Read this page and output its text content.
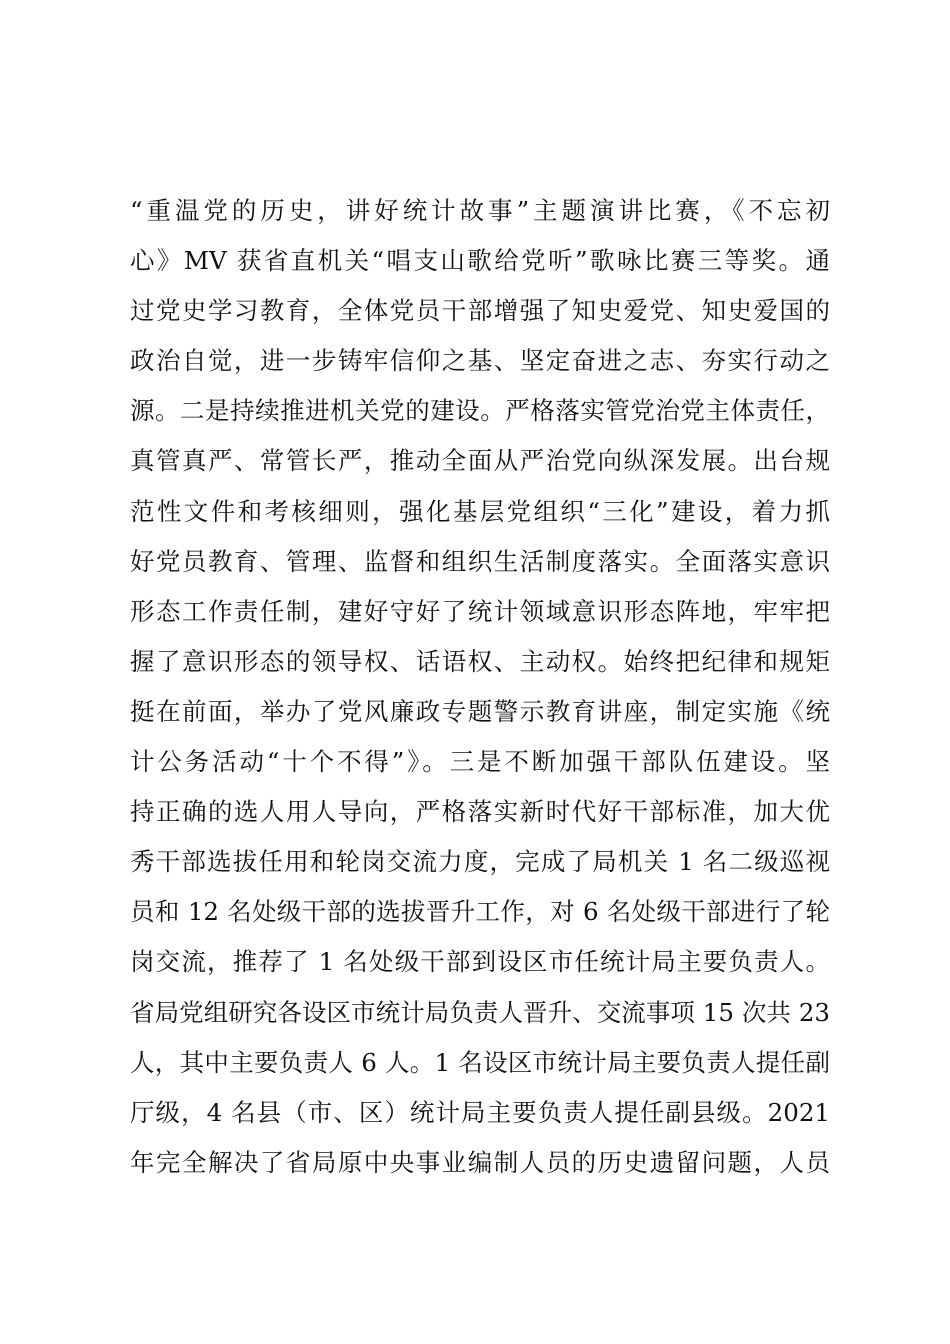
“重温党的历史，讲好统计故事”主题演讲比赛，《不忘初
心》MV 获省直机关“唱支山歌给党听”歌咏比赛三等奖。通
过党史学习教育，全体党员干部增强了知史爱党、知史爱国的
政治自觉，进一步铸牢信仰之基、坚定奋进之志、夯实行动之
源。二是持续推进机关党的建设。严格落实管党治党主体责任，
真管真严、常管长严，推动全面从严治党向纵深发展。出台规
范性文件和考核细则，强化基层党组织“三化”建设，着力抓
好党员教育、管理、监督和组织生活制度落实。全面落实意识
形态工作责任制，建好守好了统计领域意识形态阵地，牢牢把
握了意识形态的领导权、话语权、主动权。始终把纪律和规矩
挺在前面，举办了党风廉政专题警示教育讲座，制定实施《统
计公务活动“十个不得”》。三是不断加强干部队伍建设。坚
持正确的选人用人导向，严格落实新时代好干部标准，加大优
秀干部选拔任用和轮岗交流力度，完成了局机关 1 名二级巡视
员和 12 名处级干部的选拔晋升工作，对 6 名处级干部进行了轮
岗交流，推荐了 1 名处级干部到设区市任统计局主要负责人。
省局党组研究各设区市统计局负责人晋升、交流事项 15 次共 23
人，其中主要负责人 6 人。1 名设区市统计局主要负责人提任副
厅级，4 名县（市、区）统计局主要负责人提任副县级。2021
年完全解决了省局原中央事业编制人员的历史遗留问题，人员
